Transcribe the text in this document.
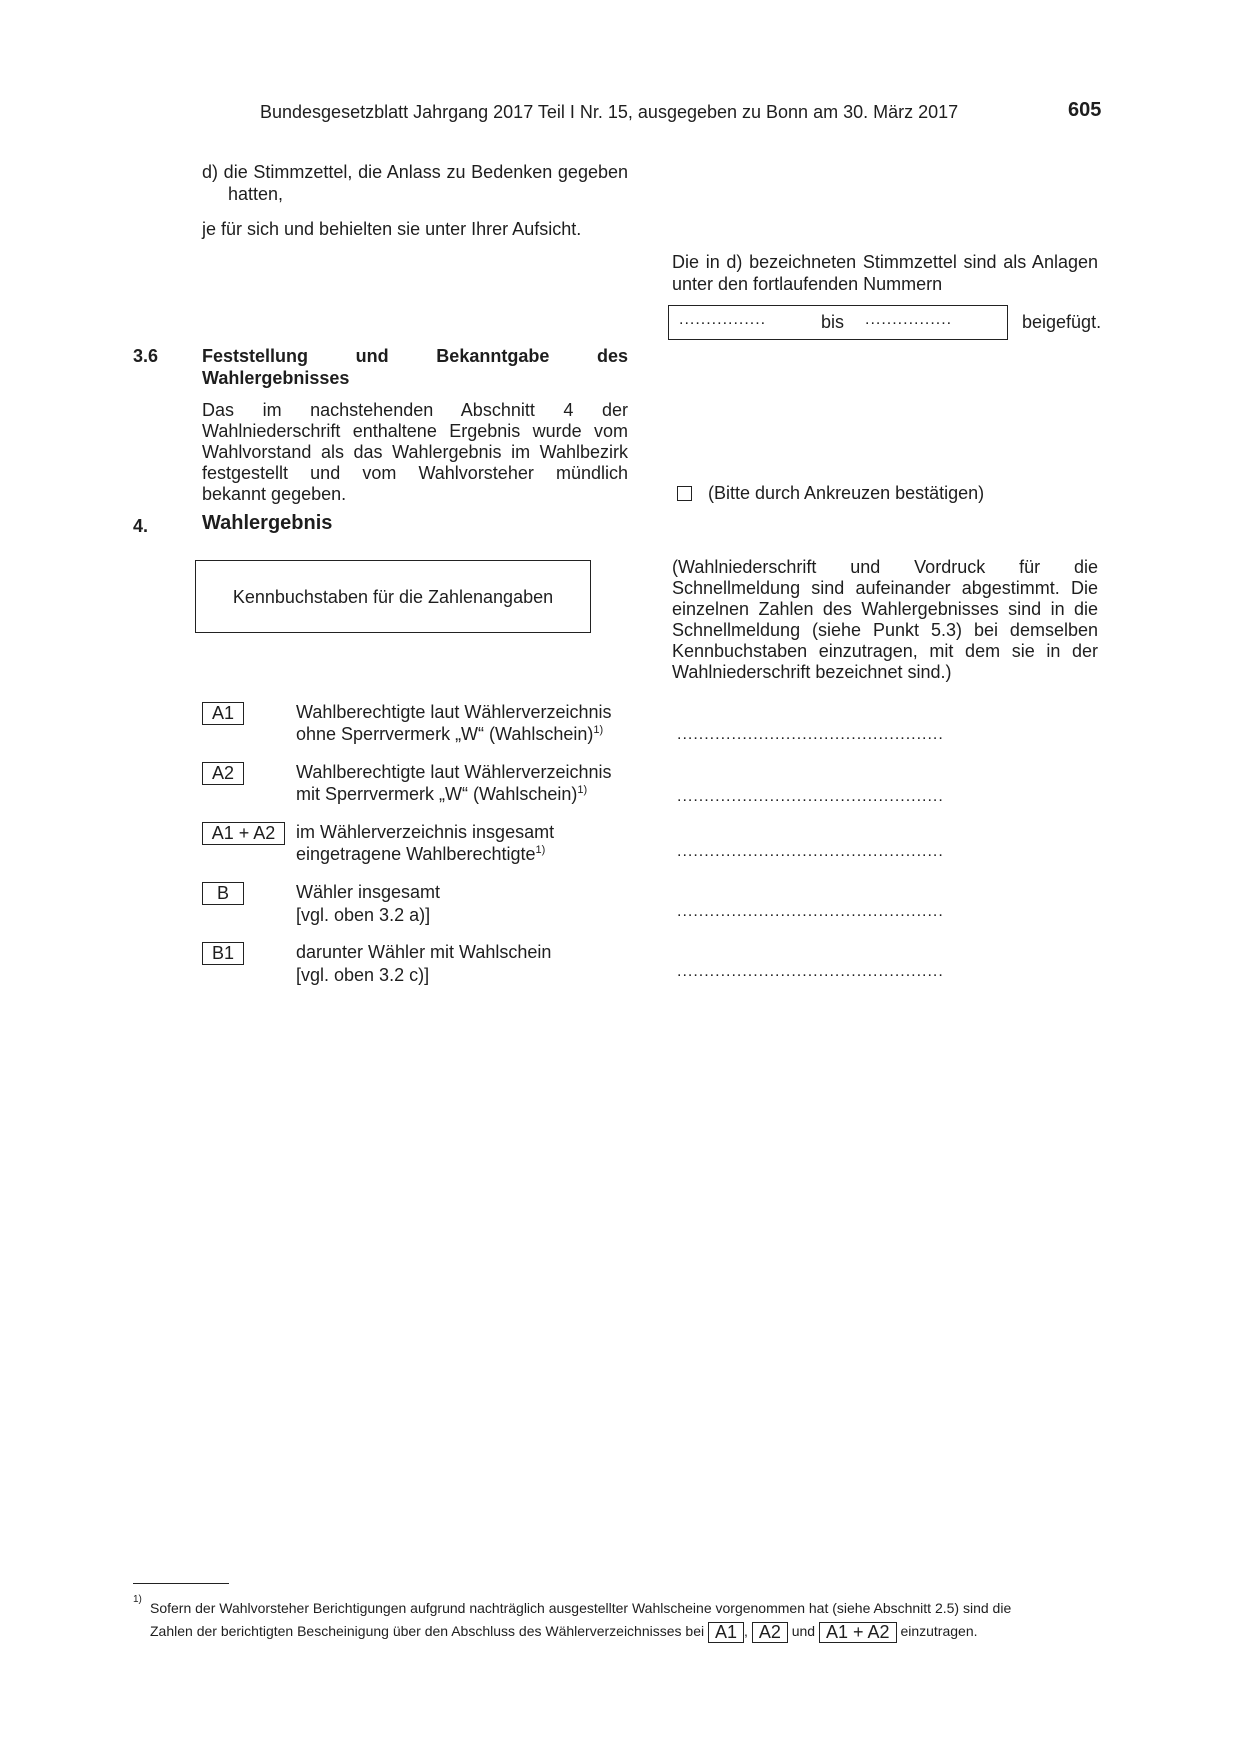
Bundesgesetzblatt Jahrgang 2017 Teil I Nr. 15, ausgegeben zu Bonn am 30. März 2017	605
d) die Stimmzettel, die Anlass zu Bedenken gegeben hatten,
je für sich und behielten sie unter Ihrer Aufsicht.
Die in d) bezeichneten Stimmzettel sind als Anlagen unter den fortlaufenden Nummern
................	bis ................	beigefügt.
3.6 Feststellung und Bekanntgabe des Wahlergebnisses
Das im nachstehenden Abschnitt 4 der Wahlniederschrift enthaltene Ergebnis wurde vom Wahlvorstand als das Wahlergebnis im Wahlbezirk festgestellt und vom Wahlvorsteher mündlich bekannt gegeben.	(Bitte durch Ankreuzen bestätigen)
4.	Wahlergebnis
Kennbuchstaben für die Zahlenangaben
(Wahlniederschrift und Vordruck für die Schnellmeldung sind aufeinander abgestimmt. Die einzelnen Zahlen des Wahlergebnisses sind in die Schnellmeldung (siehe Punkt 5.3) bei demselben Kennbuchstaben einzutragen, mit dem sie in der Wahlniederschrift bezeichnet sind.)
A1	Wahlberechtigte laut Wählerverzeichnis
ohne Sperrvermerk „W“ (Wahlschein)$^{1)}$	.................................................
A2	Wahlberechtigte laut Wählerverzeichnis
mit Sperrvermerk „W“ (Wahlschein)$^{1)}$	.................................................
A1 + A2	im Wählerverzeichnis insgesamt
eingetragene Wahlberechtigte$^{1)}$	.................................................
B	Wähler insgesamt
[vgl. oben 3.2 a)]	.................................................
B1	darunter Wähler mit Wahlschein
[vgl. oben 3.2 c)]	.................................................
1)
Sofern der Wahlvorsteher Berichtigungen aufgrund nachträglich ausgestellter Wahlscheine vorgenommen hat (siehe Abschnitt 2.5) sind die
Zahlen der berichtigten Bescheinigung über den Abschluss des Wählerverzeichnisses bei A1 , A2 und A1 + A2 einzutragen.
